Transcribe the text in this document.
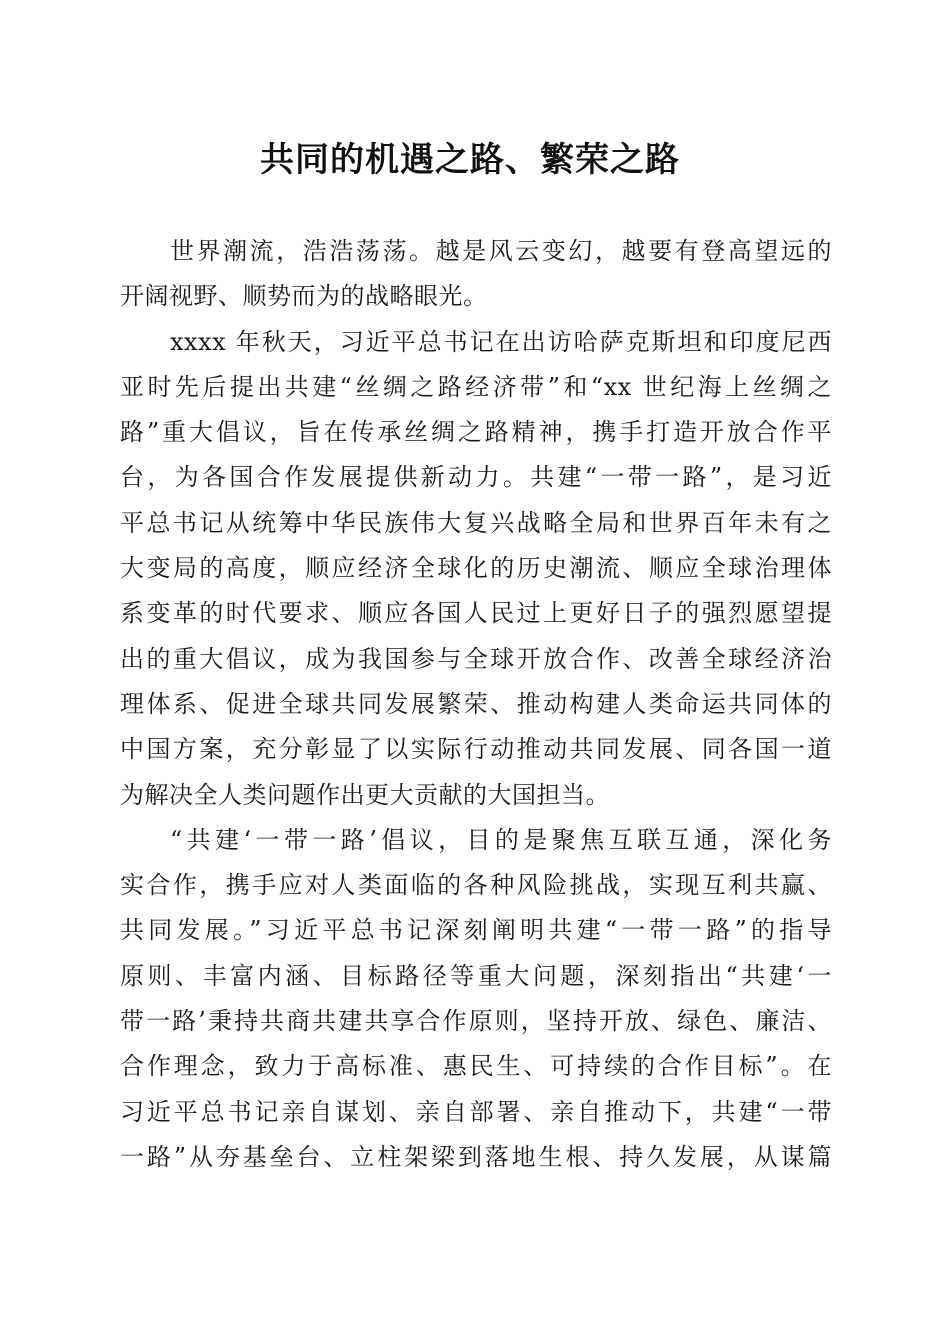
共同的机遇之路、繁荣之路
世界潮流，浩浩荡荡。越是风云变幻，越要有登高望远的
开阔视野、顺势而为的战略眼光。
xxxx 年秋天，习近平总书记在出访哈萨克斯坦和印度尼西
亚时先后提出共建“丝绸之路经济带”和“xx 世纪海上丝绸之
路”重大倡议，旨在传承丝绸之路精神，携手打造开放合作平
台，为各国合作发展提供新动力。共建“一带一路”，是习近
平总书记从统筹中华民族伟大复兴战略全局和世界百年未有之
大变局的高度，顺应经济全球化的历史潮流、顺应全球治理体
系变革的时代要求、顺应各国人民过上更好日子的强烈愿望提
出的重大倡议，成为我国参与全球开放合作、改善全球经济治
理体系、促进全球共同发展繁荣、推动构建人类命运共同体的
中国方案，充分彰显了以实际行动推动共同发展、同各国一道
为解决全人类问题作出更大贡献的大国担当。
“共建‘一带一路’倡议，目的是聚焦互联互通，深化务
实合作，携手应对人类面临的各种风险挑战，实现互利共赢、
共同发展。”习近平总书记深刻阐明共建“一带一路”的指导
原则、丰富内涵、目标路径等重大问题，深刻指出“共建‘一
带一路’秉持共商共建共享合作原则，坚持开放、绿色、廉洁、
合作理念，致力于高标准、惠民生、可持续的合作目标”。在
习近平总书记亲自谋划、亲自部署、亲自推动下，共建“一带
一路”从夯基垒台、立柱架梁到落地生根、持久发展，从谋篇
